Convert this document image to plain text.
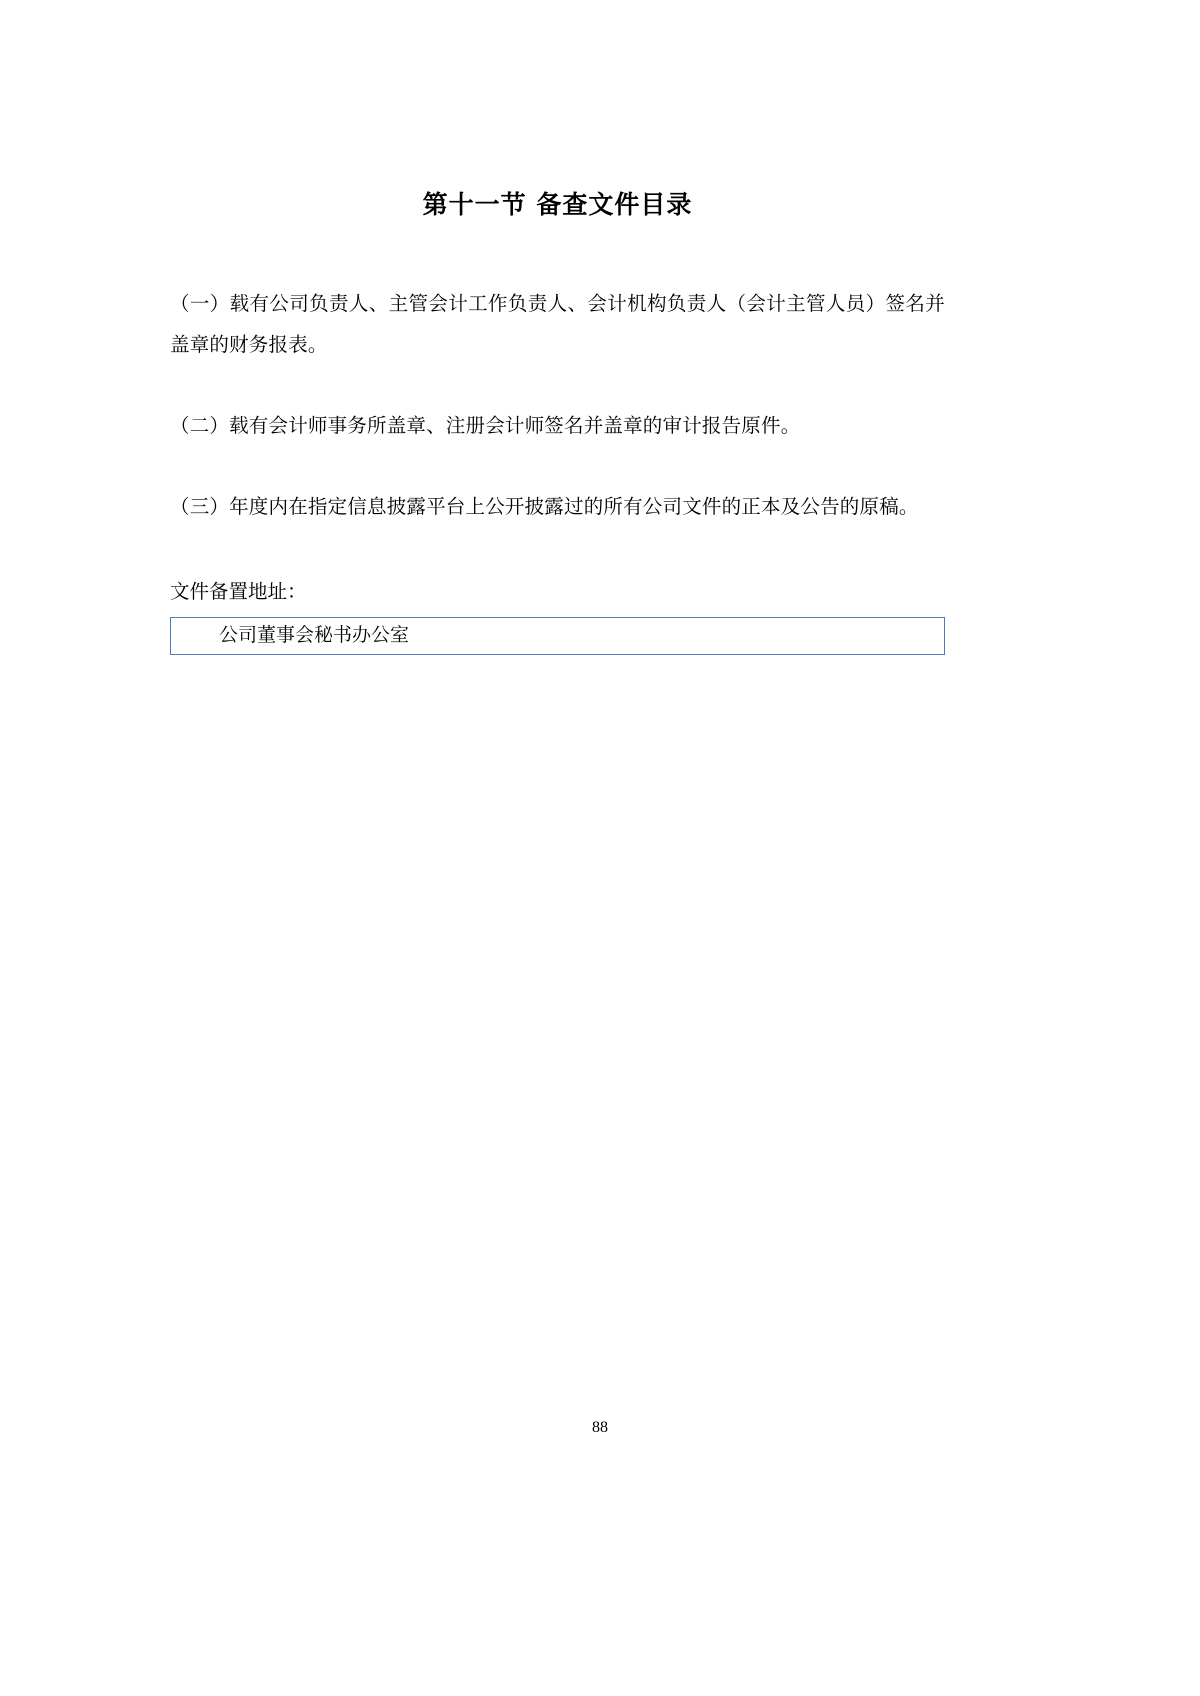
第十一节 备查文件目录
（一）载有公司负责人、主管会计工作负责人、会计机构负责人（会计主管人员）签名并盖章的财务报表。
（二）载有会计师事务所盖章、注册会计师签名并盖章的审计报告原件。
（三）年度内在指定信息披露平台上公开披露过的所有公司文件的正本及公告的原稿。
文件备置地址：
公司董事会秘书办公室
88
